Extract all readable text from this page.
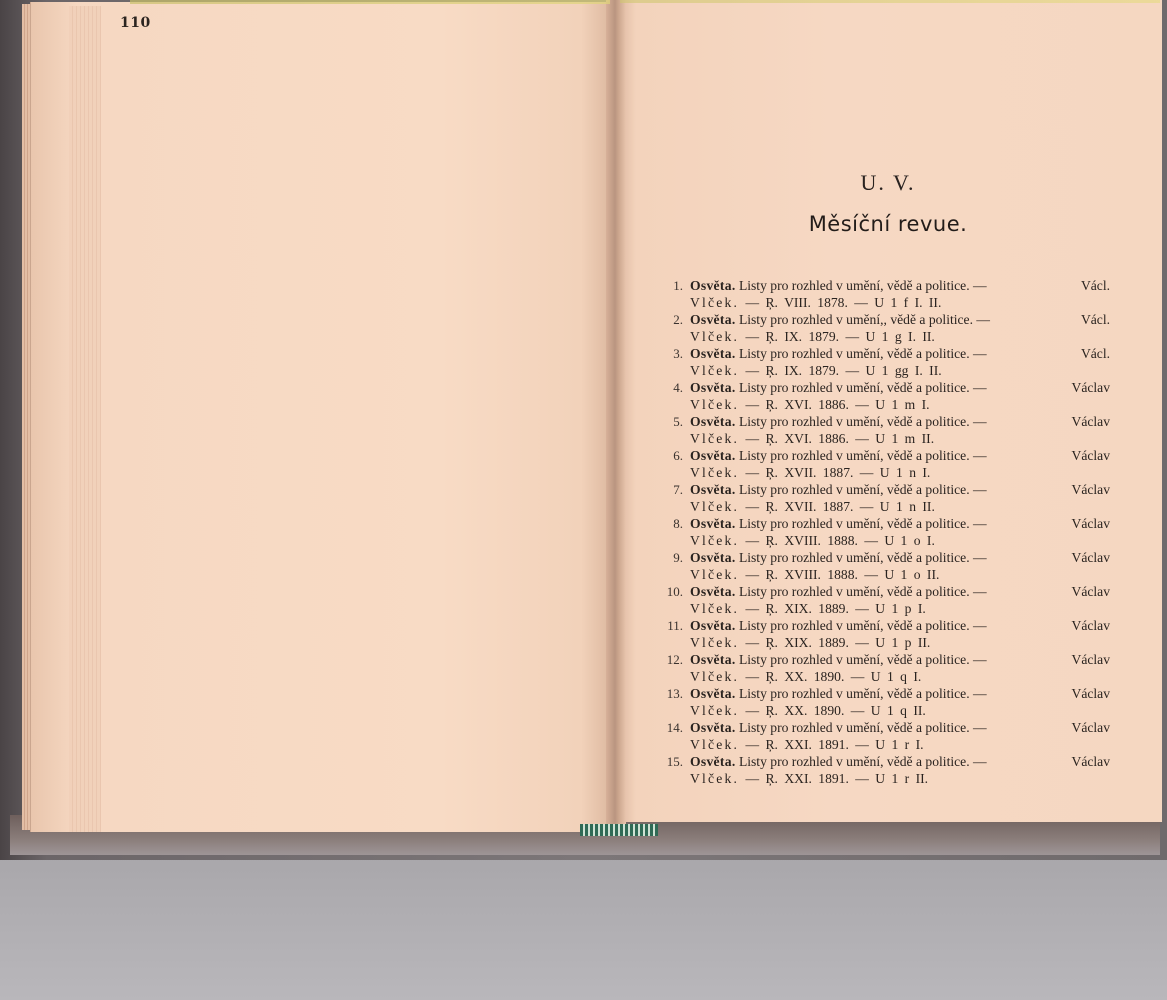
110
U. V.
Měsíční revue.
1. Osvěta. Listy pro rozhled v umění, vědě a politice. —	Václ.
Vlček. — Ŗ. VIII. 1878. — U 1 f I. II.
2. Osvěta. Listy pro rozhled v umění,, vědě a politice. —	Václ.
Vlček. — Ŗ. IX. 1879. — U 1 g I. II.
3. Osvěta. Listy pro rozhled v umění, vědě a politice. —	Václ.
Vlček. — Ŗ. IX. 1879. — U 1 gg I. II.
4. Osvěta. Listy pro rozhled v umění, vědě a politice. —	Václav
Vlček. — Ŗ. XVI. 1886. — U 1 m I.
5. Osvěta. Listy pro rozhled v umění, vědě a politice. —	Václav
Vlček. — Ŗ. XVI. 1886. — U 1 m II.
6. Osvěta. Listy pro rozhled v umění, vědě a politice. —	Václav
Vlček. — Ŗ. XVII. 1887. — U 1 n I.
7. Osvěta. Listy pro rozhled v umění, vědě a politice. —	Václav
Vlček. — Ŗ. XVII. 1887. — U 1 n II.
8. Osvěta. Listy pro rozhled v umění, vědě a politice. —	Václav
Vlček. — Ŗ. XVIII. 1888. — U 1 o I.
9. Osvěta. Listy pro rozhled v umění, vědě a politice. —	Václav
Vlček. — Ŗ. XVIII. 1888. — U 1 o II.
10. Osvěta. Listy pro rozhled v umění, vědě a politice. —	Václav
Vlček. — Ŗ. XIX. 1889. — U 1 p I.
11. Osvěta. Listy pro rozhled v umění, vědě a politice. —	Václav
Vlček. — Ŗ. XIX. 1889. — U 1 p II.
12. Osvěta. Listy pro rozhled v umění, vědě a politice. —	Václav
Vlček. — Ŗ. XX. 1890. — U 1 q I.
13. Osvěta. Listy pro rozhled v umění, vědě a politice. —	Václav
Vlček. — Ŗ. XX. 1890. — U 1 q II.
14. Osvěta. Listy pro rozhled v umění, vědě a politice. —	Václav
Vlček. — Ŗ. XXI. 1891. — U 1 r I.
15. Osvěta. Listy pro rozhled v umění, vědě a politice. —	Václav
Vlček. — Ŗ. XXI. 1891. — U 1 r II.
